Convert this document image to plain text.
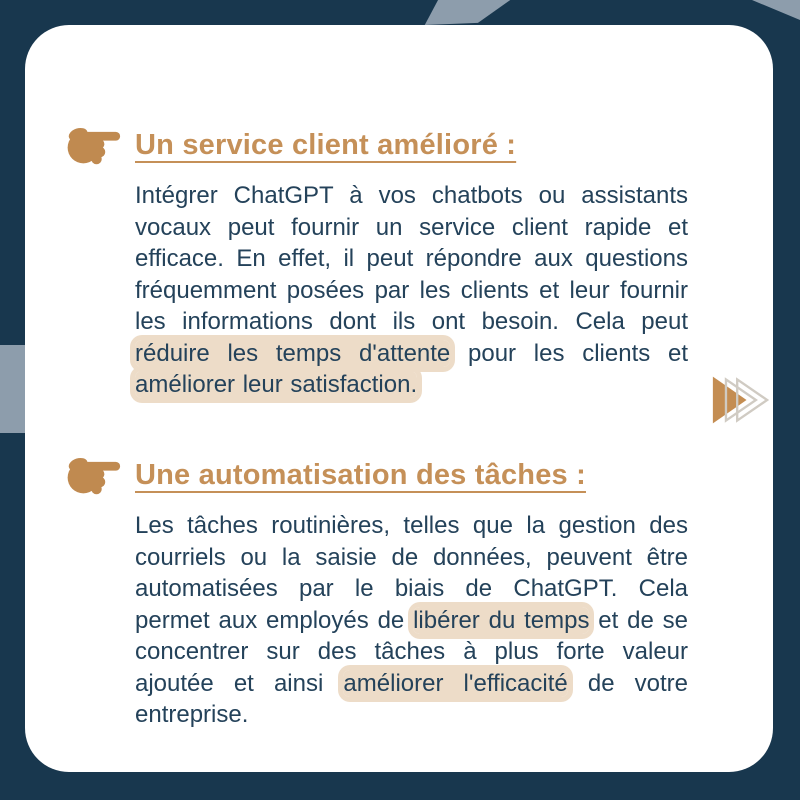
Un service client amélioré :

Intégrer ChatGPT à vos chatbots ou assistants vocaux peut fournir un service client rapide et efficace. En effet, il peut répondre aux questions fréquemment posées par les clients et leur fournir les informations dont ils ont besoin. Cela peut réduire les temps d'attente pour les clients et améliorer leur satisfaction.

Une automatisation des tâches :

Les tâches routinières, telles que la gestion des courriels ou la saisie de données, peuvent être automatisées par le biais de ChatGPT. Cela permet aux employés de libérer du temps et de se concentrer sur des tâches à plus forte valeur ajoutée et ainsi améliorer l'efficacité de votre entreprise.
